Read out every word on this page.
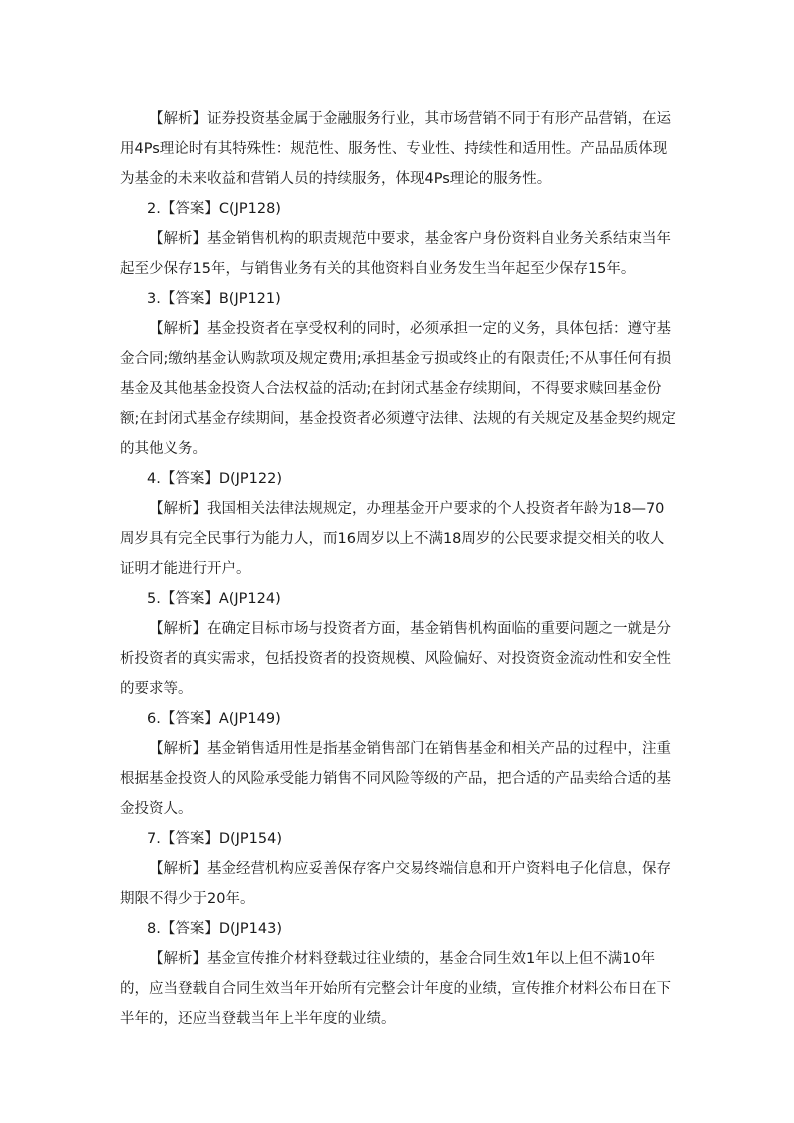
【解析】证券投资基金属于金融服务行业，其市场营销不同于有形产品营销，在运用4Ps理论时有其特殊性：规范性、服务性、专业性、持续性和适用性。产品品质体现为基金的未来收益和营销人员的持续服务，体现4Ps理论的服务性。

2.【答案】C(JP128)

【解析】基金销售机构的职责规范中要求，基金客户身份资料自业务关系结束当年起至少保存15年，与销售业务有关的其他资料自业务发生当年起至少保存15年。

3.【答案】B(JP121)

【解析】基金投资者在享受权利的同时，必须承担一定的义务，具体包括：遵守基金合同;缴纳基金认购款项及规定费用;承担基金亏损或终止的有限责任;不从事任何有损基金及其他基金投资人合法权益的活动;在封闭式基金存续期间，不得要求赎回基金份额;在封闭式基金存续期间，基金投资者必须遵守法律、法规的有关规定及基金契约规定的其他义务。

4.【答案】D(JP122)

【解析】我国相关法律法规规定，办理基金开户要求的个人投资者年龄为18—70周岁具有完全民事行为能力人，而16周岁以上不满18周岁的公民要求提交相关的收人证明才能进行开户。

5.【答案】A(JP124)

【解析】在确定目标市场与投资者方面，基金销售机构面临的重要问题之一就是分析投资者的真实需求，包括投资者的投资规模、风险偏好、对投资资金流动性和安全性的要求等。

6.【答案】A(JP149)

【解析】基金销售适用性是指基金销售部门在销售基金和相关产品的过程中，注重根据基金投资人的风险承受能力销售不同风险等级的产品，把合适的产品卖给合适的基金投资人。

7.【答案】D(JP154)

【解析】基金经营机构应妥善保存客户交易终端信息和开户资料电子化信息，保存期限不得少于20年。

8.【答案】D(JP143)

【解析】基金宣传推介材料登载过往业绩的，基金合同生效1年以上但不满10年的，应当登载自合同生效当年开始所有完整会计年度的业绩，宣传推介材料公布日在下半年的，还应当登载当年上半年度的业绩。
